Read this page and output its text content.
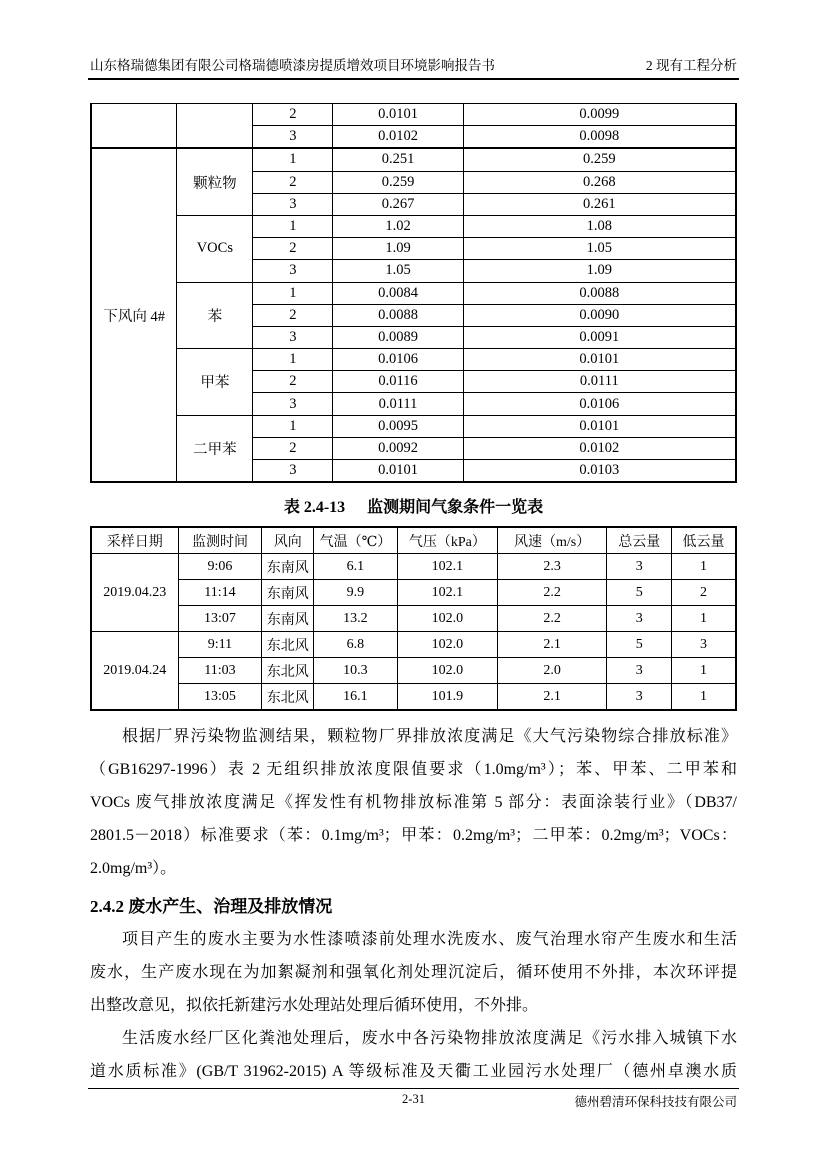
山东格瑞德集团有限公司格瑞德喷漆房提质增效项目环境影响报告书	2 现有工程分析
		2	0.0101	0.0099
		3	0.0102	0.0098
下风向 4#	颗粒物	1	0.251	0.259
		2	0.259	0.268
		3	0.267	0.261
	VOCs	1	1.02	1.08
		2	1.09	1.05
		3	1.05	1.09
	苯	1	0.0084	0.0088
		2	0.0088	0.0090
		3	0.0089	0.0091
	甲苯	1	0.0106	0.0101
		2	0.0116	0.0111
		3	0.0111	0.0106
	二甲苯	1	0.0095	0.0101
		2	0.0092	0.0102
		3	0.0101	0.0103
表 2.4-13 监测期间气象条件一览表
采样日期	监测时间	风向	气温（℃）	气压（kPa）	风速（m/s）	总云量	低云量
2019.04.23	9:06	东南风	6.1	102.1	2.3	3	1
	11:14	东南风	9.9	102.1	2.2	5	2
	13:07	东南风	13.2	102.0	2.2	3	1
2019.04.24	9:11	东北风	6.8	102.0	2.1	5	3
	11:03	东北风	10.3	102.0	2.0	3	1
	13:05	东北风	16.1	101.9	2.1	3	1
根据厂界污染物监测结果，颗粒物厂界排放浓度满足《大气污染物综合排放标准》
（GB16297-1996）表 2 无组织排放浓度限值要求（1.0mg/m³）；苯、甲苯、二甲苯和
VOCs 废气排放浓度满足《挥发性有机物排放标准第 5 部分：表面涂装行业》（DB37/
2801.5－2018）标准要求（苯：0.1mg/m³；甲苯：0.2mg/m³；二甲苯：0.2mg/m³；VOCs：
2.0mg/m³）。
2.4.2 废水产生、治理及排放情况
项目产生的废水主要为水性漆喷漆前处理水洗废水、废气治理水帘产生废水和生活
废水，生产废水现在为加絮凝剂和强氧化剂处理沉淀后，循环使用不外排，本次环评提
出整改意见，拟依托新建污水处理站处理后循环使用，不外排。
生活废水经厂区化粪池处理后，废水中各污染物排放浓度满足《污水排入城镇下水
道水质标准》(GB/T 31962-2015) A 等级标准及天衢工业园污水处理厂（德州卓澳水质
2-31	德州碧清环保科技技有限公司
